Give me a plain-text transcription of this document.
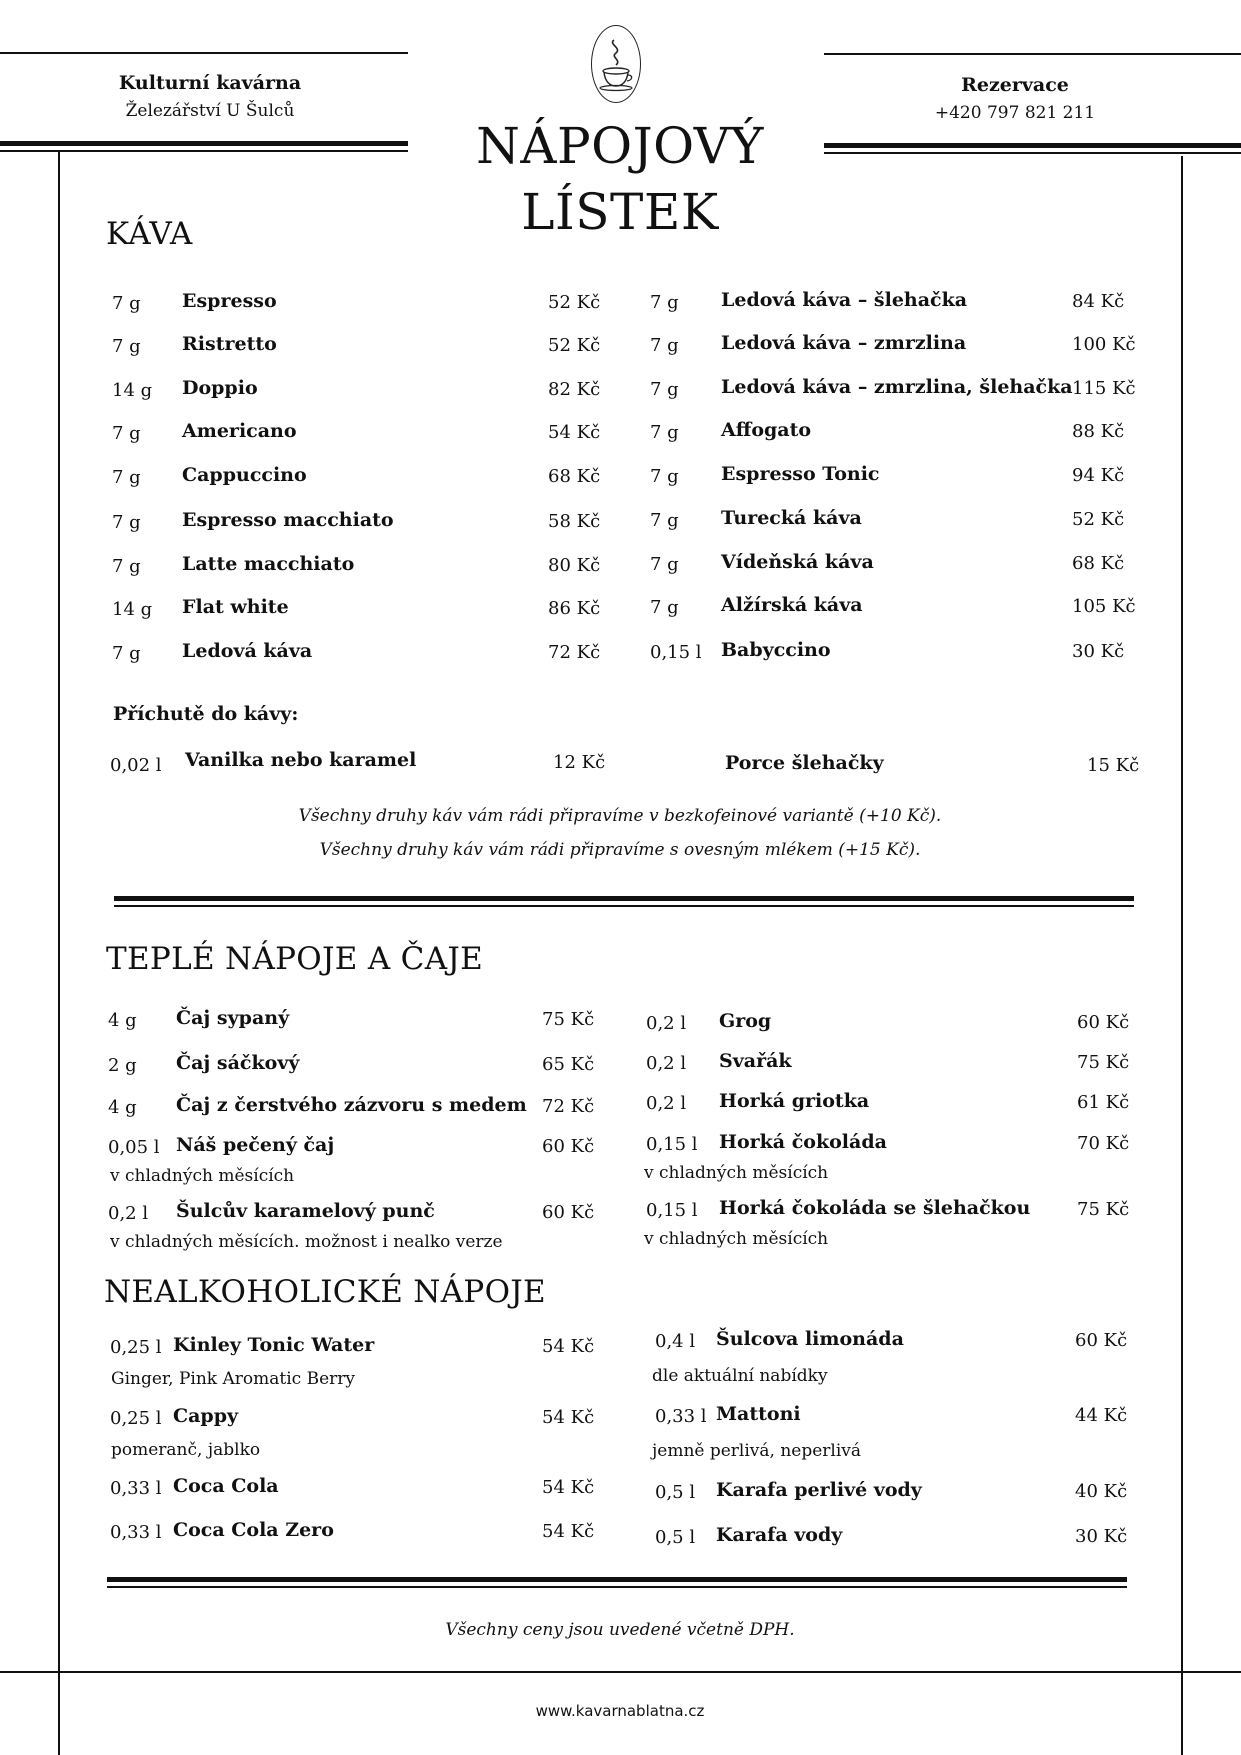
Kulturní kavárna
Železářství U Šulců
Rezervace
+420 797 821 211
NÁPOJOVÝ
LÍSTEK
KÁVA
7 g Espresso	52 Kč
7 g Ristretto	52 Kč
14 g Doppio	82 Kč
7 g Americano	54 Kč
7 g Cappuccino	68 Kč
7 g Espresso macchiato	58 Kč
7 g Latte macchiato	80 Kč
14 g Flat white	86 Kč
7 g Ledová káva	72 Kč
7 g Ledová káva – šlehačka	84 Kč
7 g Ledová káva – zmrzlina	100 Kč
7 g Ledová káva – zmrzlina, šlehačka 115 Kč
7 g Affogato	88 Kč
7 g Espresso Tonic	94 Kč
7 g Turecká káva	52 Kč
7 g Vídeňská káva	68 Kč
7 g Alžírská káva	105 Kč
0,15 l Babyccino	30 Kč
Příchutě do kávy:
0,02 l Vanilka nebo karamel	12 Kč	Porce šlehačky	15 Kč
Všechny druhy káv vám rádi připravíme v bezkofeinové variantě (+10 Kč).
Všechny druhy káv vám rádi připravíme s ovesným mlékem (+15 Kč).
TEPLÉ NÁPOJE A ČAJE
4 g Čaj sypaný	75 Kč
2 g Čaj sáčkový	65 Kč
4 g Čaj z čerstvého zázvoru s medem 72 Kč
0,05 l Náš pečený čaj	60 Kč
v chladných měsících
0,2 l Šulcův karamelový punč	60 Kč
v chladných měsících. možnost i nealko verze
0,2 l Grog	60 Kč
0,2 l Svařák	75 Kč
0,2 l Horká griotka	61 Kč
0,15 l Horká čokoláda	70 Kč
v chladných měsících
0,15 l Horká čokoláda se šlehačkou	75 Kč
v chladných měsících
NEALKOHOLICKÉ NÁPOJE
0,25 l Kinley Tonic Water	54 Kč
Ginger, Pink Aromatic Berry
0,25 l Cappy	54 Kč
pomeranč, jablko
0,33 l Coca Cola	54 Kč
0,33 l Coca Cola Zero	54 Kč
0,4 l Šulcova limonáda	60 Kč
dle aktuální nabídky
0,33 l Mattoni	44 Kč
jemně perlivá, neperlivá
0,5 l Karafa perlivé vody	40 Kč
0,5 l Karafa vody	30 Kč
Všechny ceny jsou uvedené včetně DPH.
www.kavarnablatna.cz
